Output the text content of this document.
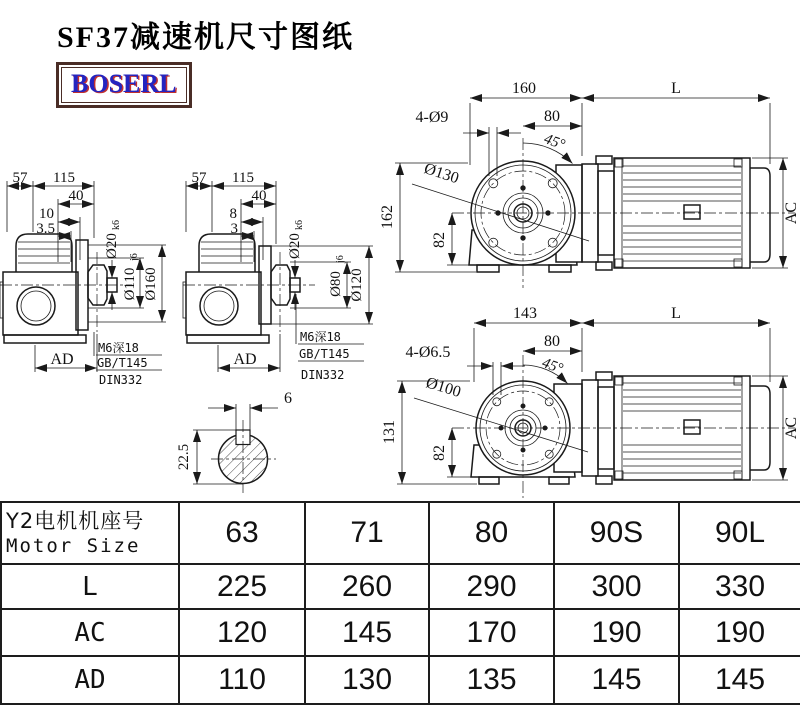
SF37减速机尺寸图纸
BOSERL
57 115
40
10
3.5
Ø20
k6
Ø110
j6
Ø160
AD
M6深18
GB/T145
DIN332
57 115
40
8
3
Ø20
k6
Ø80
j6
Ø120
AD
M6深18
GB/T145
DIN332
6
22.5
160	L
4-Ø9	80
45°
Ø130
162
82
AC
143	L
4-Ø6.5
80
45°
Ø100
131
82
AC
Y2电机机座号
Motor Size	63	71	80	90S	90L
L	225	260	290	300	330
AC	120	145	170	190	190
AD	110	130	135	145	145
